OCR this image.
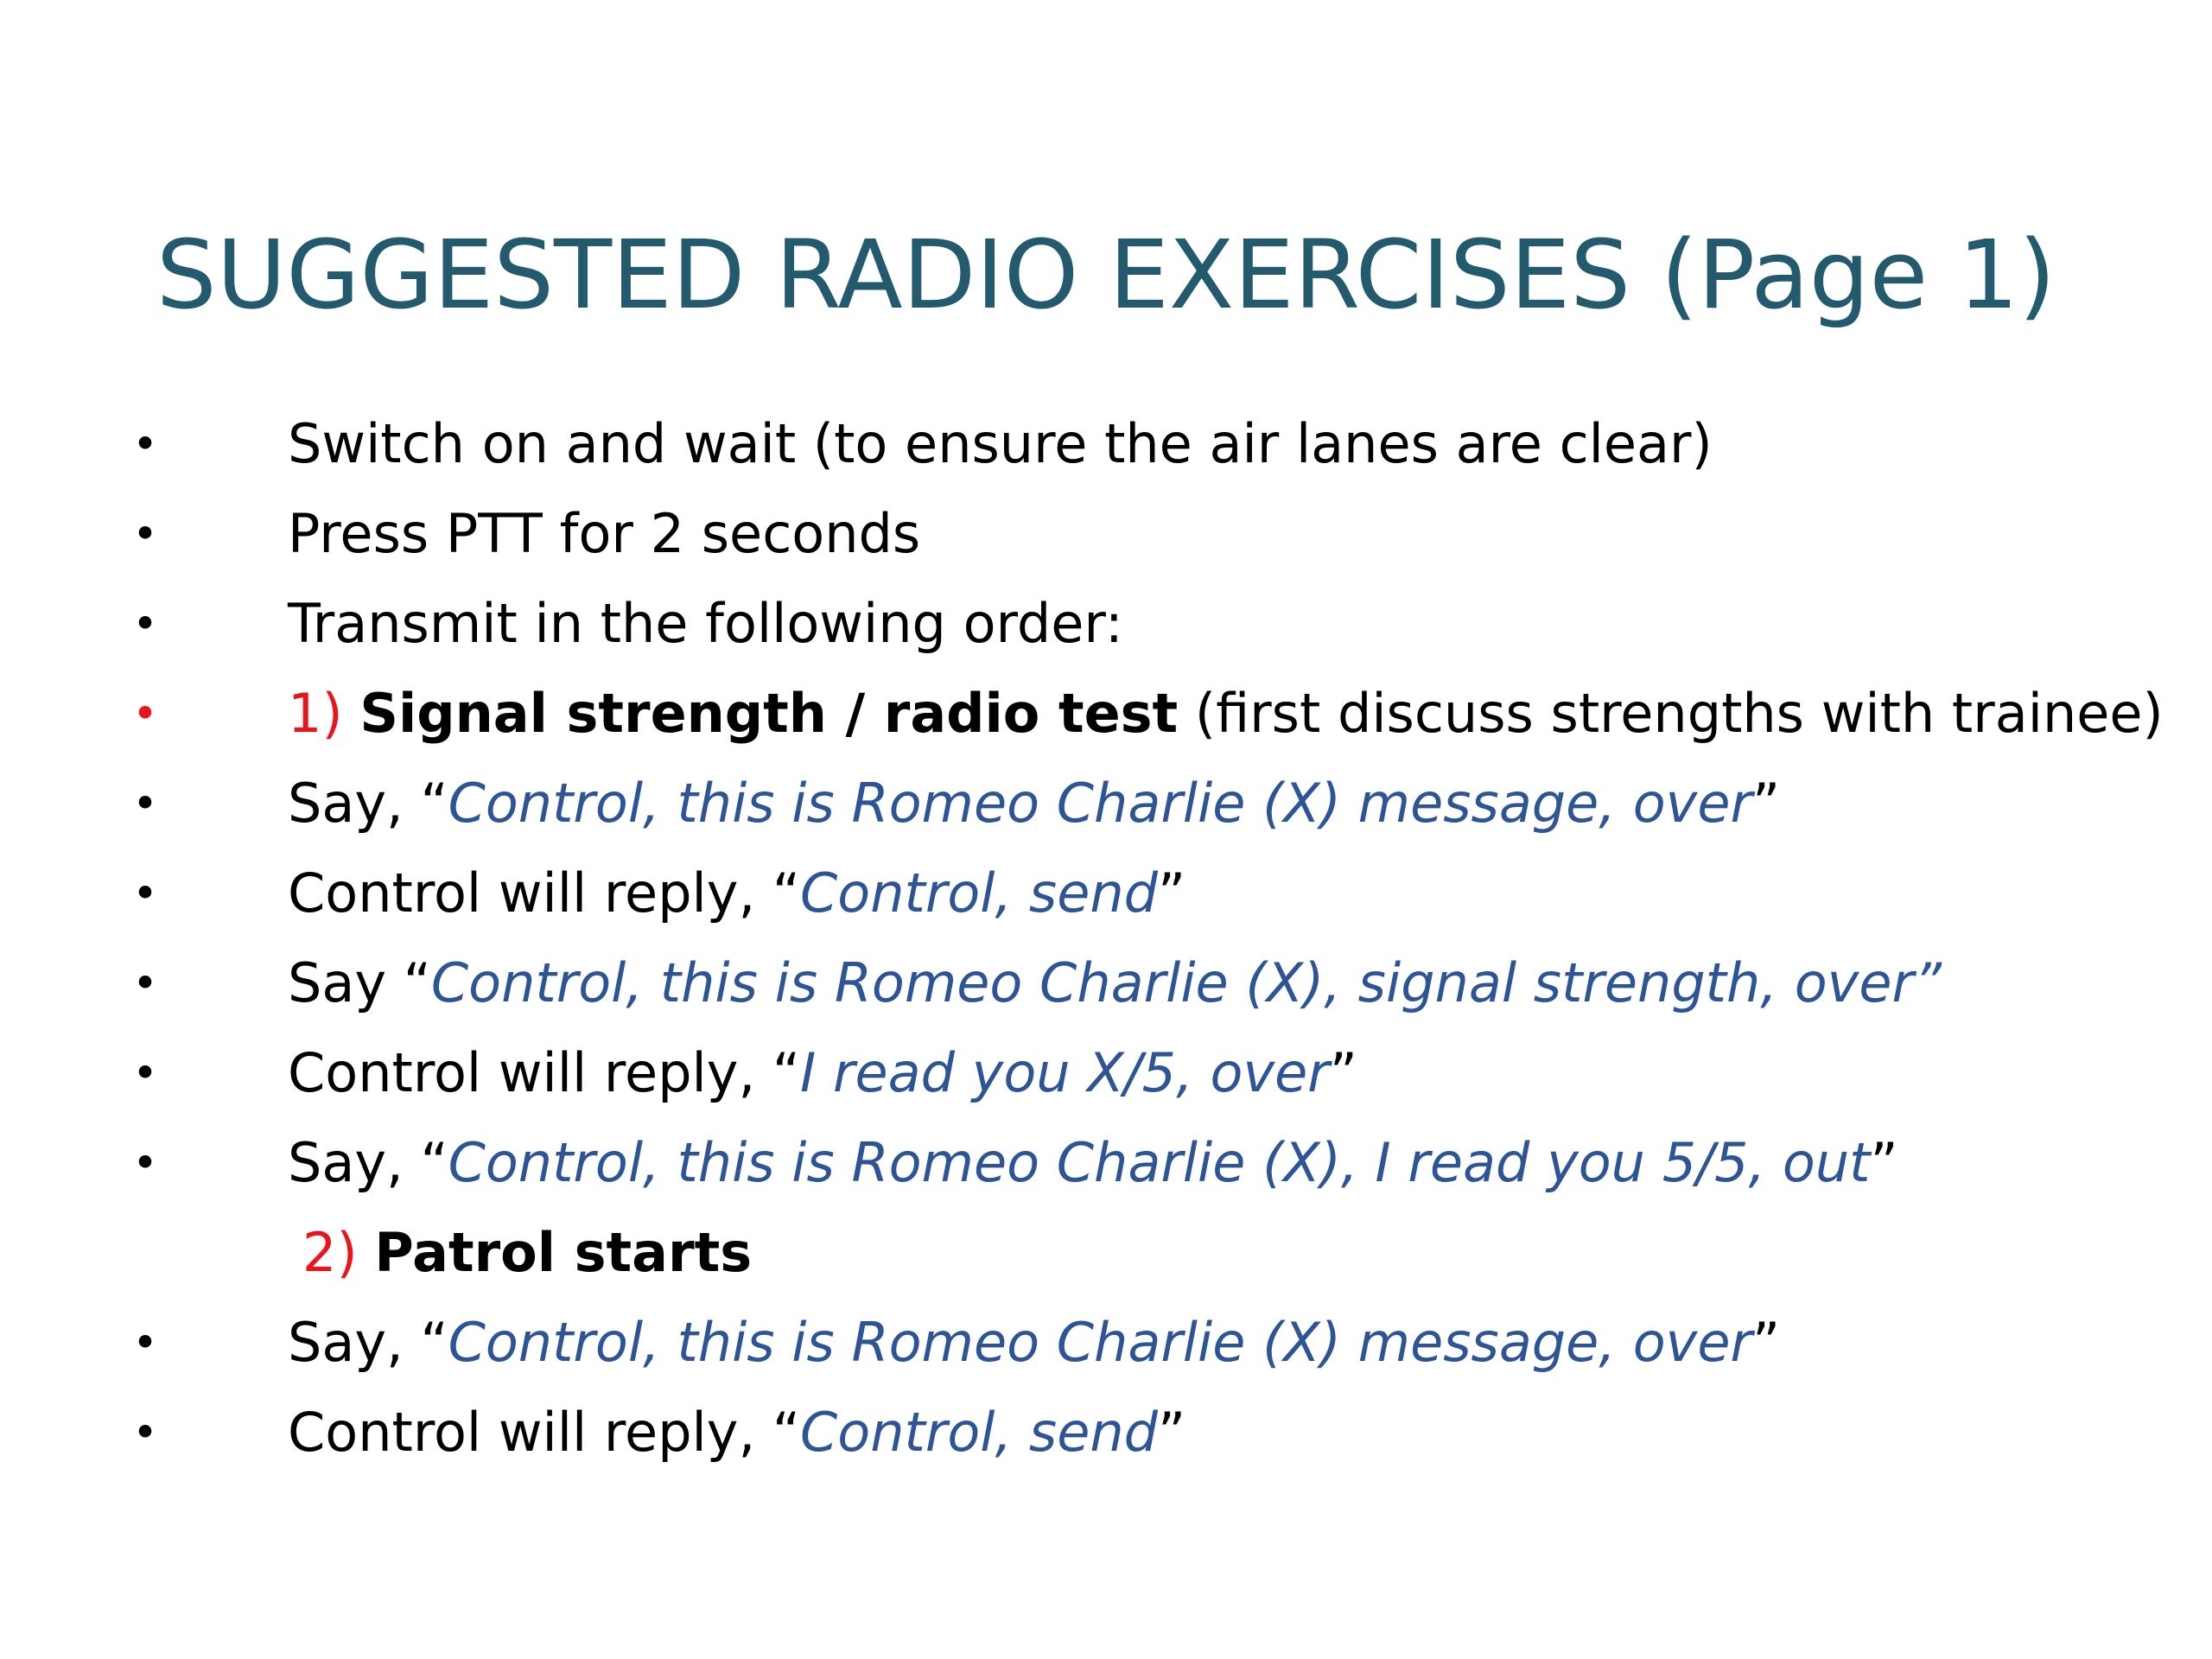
SUGGESTED RADIO EXERCISES (Page 1)
• Switch on and wait (to ensure the air lanes are clear)
• Press PTT for 2 seconds
• Transmit in the following order:
• 1) Signal strength / radio test (first discuss strengths with trainee)
• Say, “Control, this is Romeo Charlie (X) message, over”
• Control will reply, “Control, send”
• Say “Control, this is Romeo Charlie (X), signal strength, over”
• Control will reply, “I read you X/5, over”
• Say, “Control, this is Romeo Charlie (X), I read you 5/5, out”
2) Patrol starts
• Say, “Control, this is Romeo Charlie (X) message, over”
• Control will reply, “Control, send”
